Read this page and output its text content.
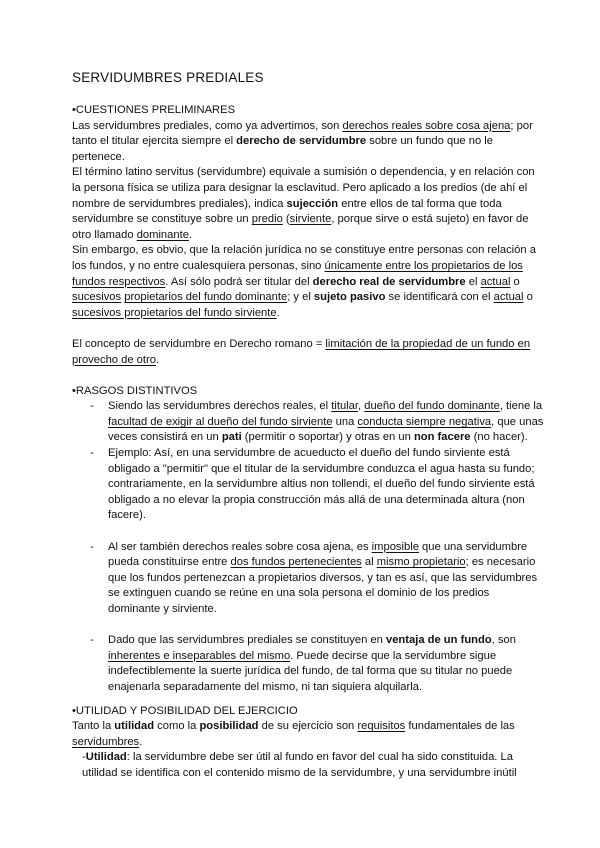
SERVIDUMBRES PREDIALES

•CUESTIONES PRELIMINARES

Las servidumbres prediales, como ya advertimos, son derechos reales sobre cosa ajena; por tanto el titular ejercita siempre el derecho de servidumbre sobre un fundo que no le pertenece.

El término latino servitus (servidumbre) equivale a sumisión o dependencia, y en relación con la persona física se utiliza para designar la esclavitud. Pero aplicado a los predios (de ahí el nombre de servidumbres prediales), indica sujección entre ellos de tal forma que toda servidumbre se constituye sobre un predio (sirviente, porque sirve o está sujeto) en favor de otro llamado dominante.

Sin embargo, es obvio, que la relación jurídica no se constituye entre personas con relación a los fundos, y no entre cualesquiera personas, sino únicamente entre los propietarios de los fundos respectivos. Así sólo podrá ser titular del derecho real de servidumbre el actual o sucesivos propietarios del fundo dominante; y el sujeto pasivo se identificará con el actual o sucesivos propietarios del fundo sirviente.

El concepto de servidumbre en Derecho romano = limitación de la propiedad de un fundo en provecho de otro.

•RASGOS DISTINTIVOS

- Siendo las servidumbres derechos reales, el titular, dueño del fundo dominante, tiene la facultad de exigir al dueño del fundo sirviente una conducta siempre negativa, que unas veces consistirá en un pati (permitir o soportar) y otras en un non facere (no hacer).
- Ejemplo: Así, en una servidumbre de acueducto el dueño del fundo sirviente está obligado a "permitir" que el titular de la servidumbre conduzca el agua hasta su fundo; contrariamente, en la servidumbre altius non tollendi, el dueño del fundo sirviente está obligado a no elevar la propia construcción más allá de una determinada altura (non facere).
- Al ser también derechos reales sobre cosa ajena, es imposible que una servidumbre pueda constituirse entre dos fundos pertenecientes al mismo propietario; es necesario que los fundos pertenezcan a propietarios diversos, y tan es así, que las servidumbres se extinguen cuando se reúne en una sola persona el dominio de los predios dominante y sirviente.
- Dado que las servidumbres prediales se constituyen en ventaja de un fundo, son inherentes e inseparables del mismo. Puede decirse que la servidumbre sigue indefectiblemente la suerte jurídica del fundo, de tal forma que su titular no puede enajenarla separadamente del mismo, ni tan siquiera alquilarla.

•UTILIDAD Y POSIBILIDAD DEL EJERCICIO

Tanto la utilidad como la posibilidad de su ejercicio son requisitos fundamentales de las servidumbres.

-Utilidad: la servidumbre debe ser útil al fundo en favor del cual ha sido constituida. La utilidad se identifica con el contenido mismo de la servidumbre, y una servidumbre inútil
